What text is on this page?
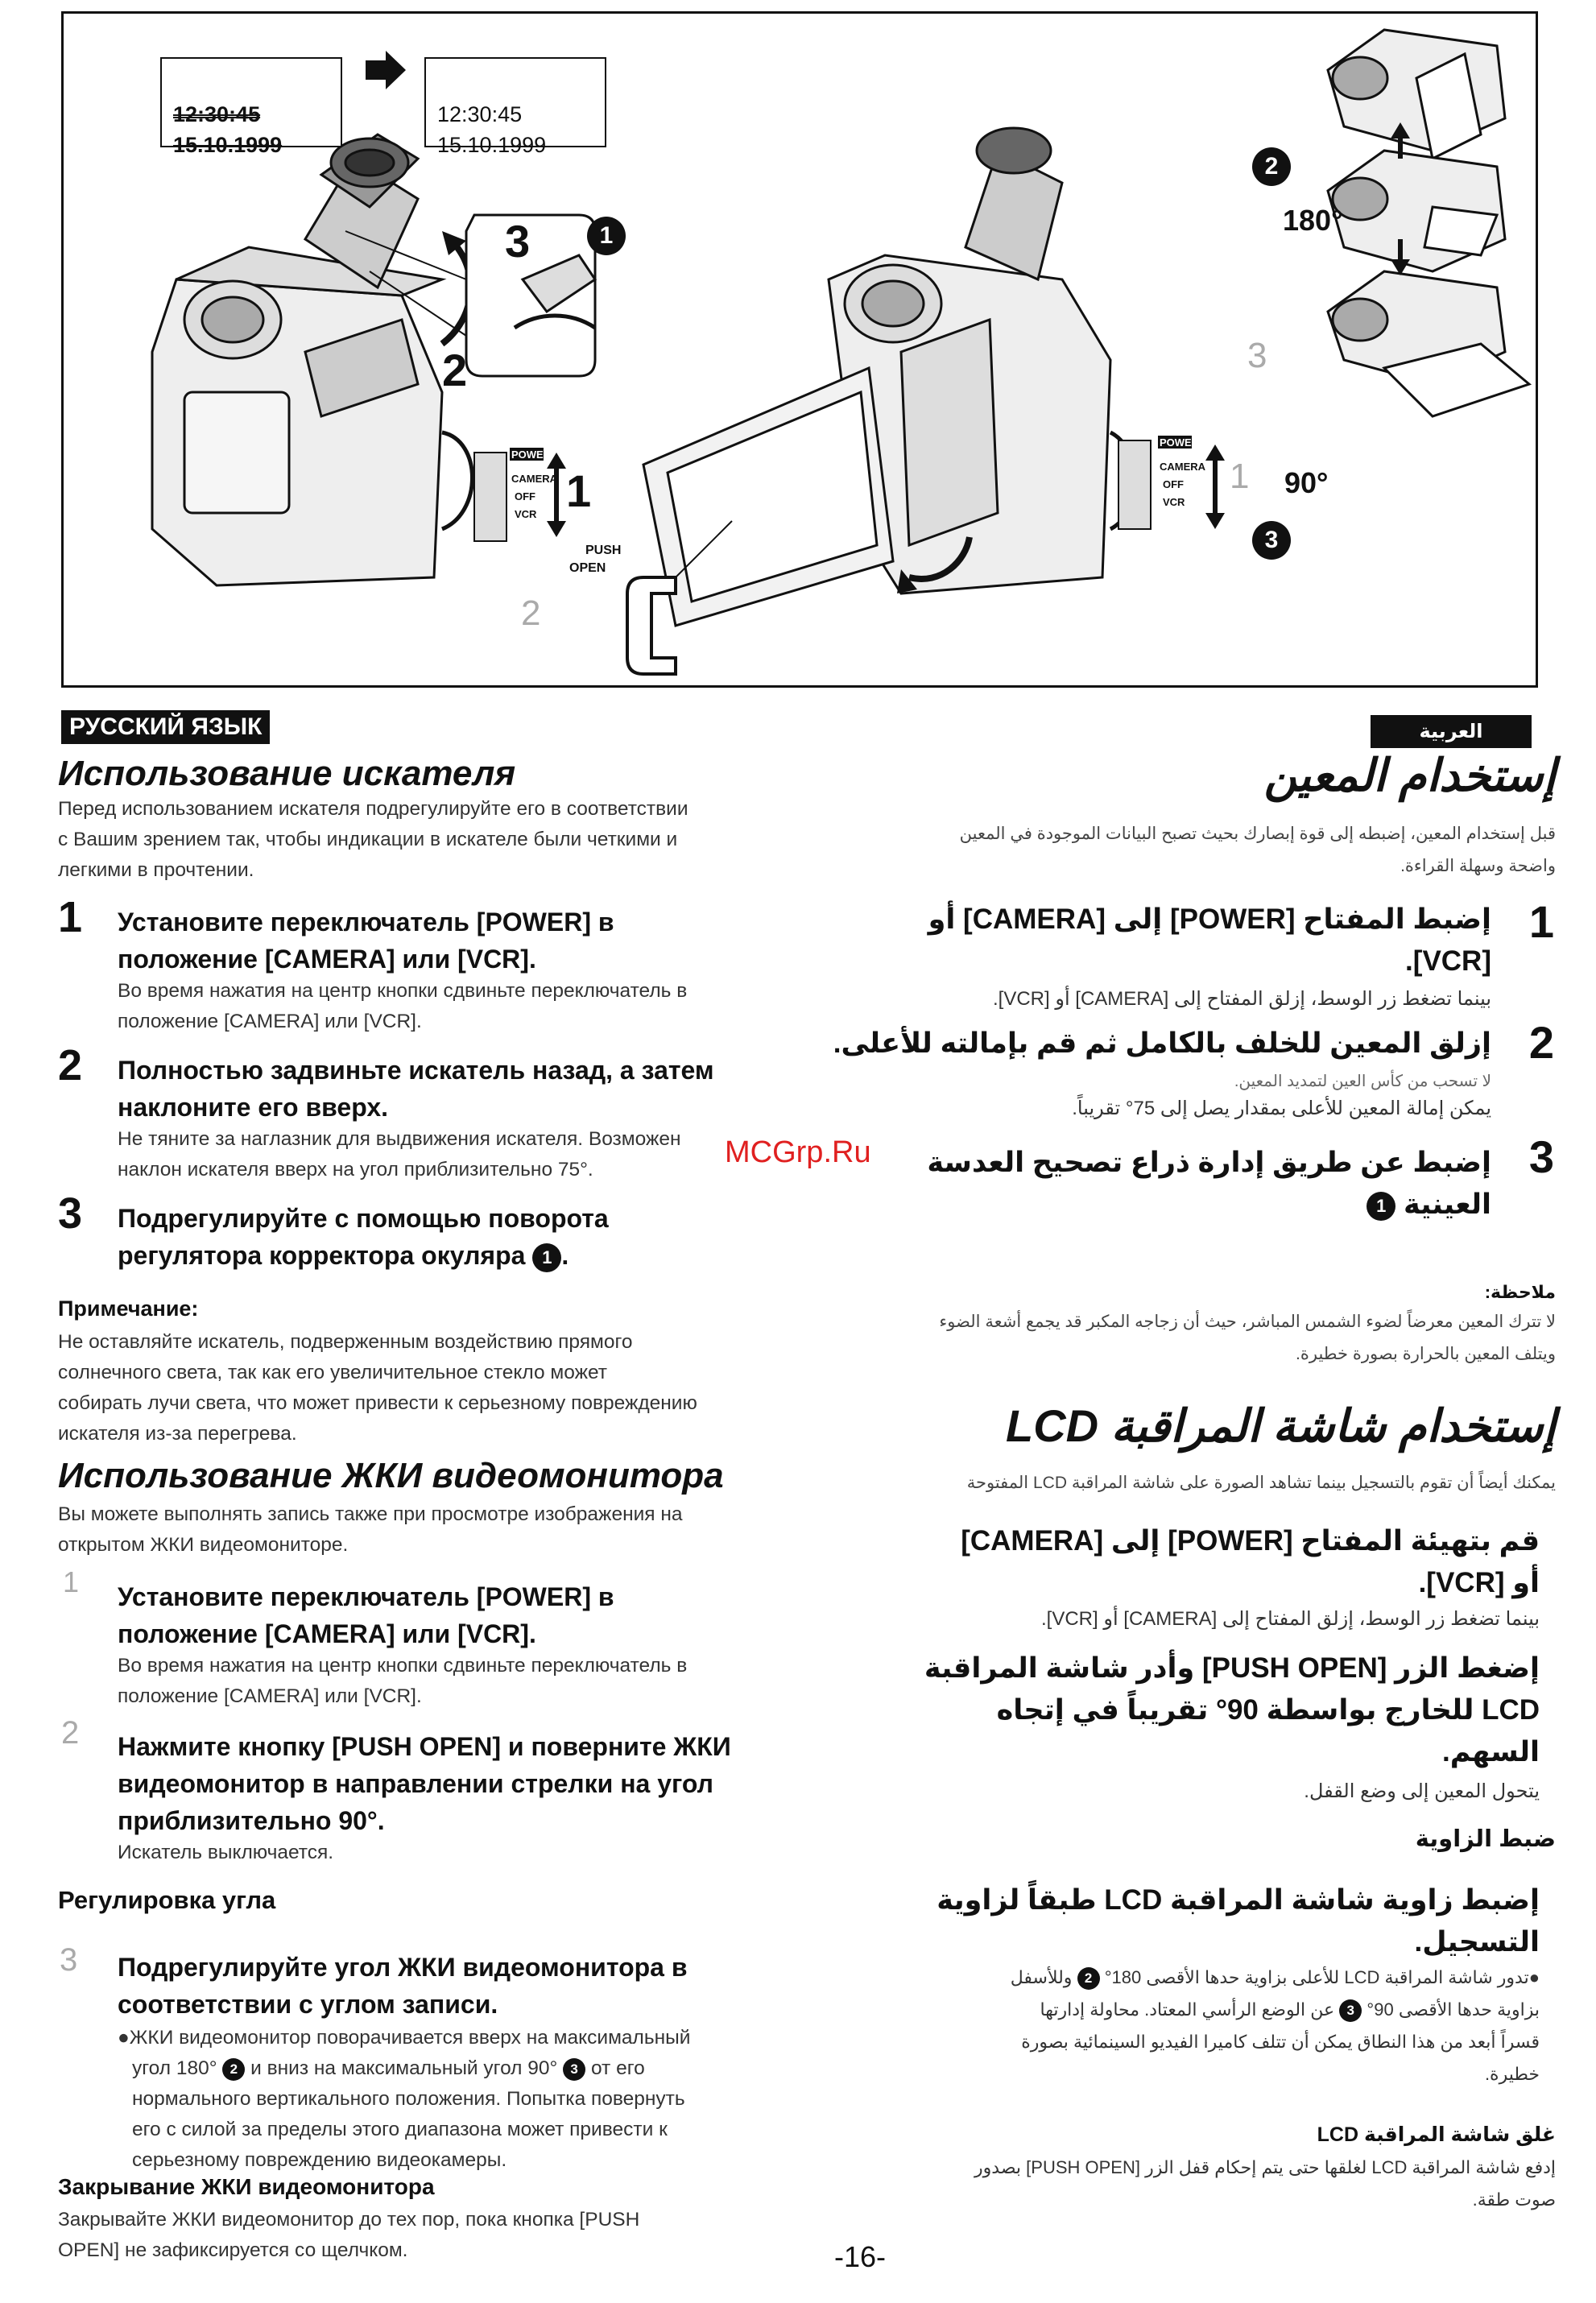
12:30:45
15.10.1999
12:30:45
15.10.1999
3	1
2
1
2
1
3
2
180°
90°
3
POWER
CAMERA
OFF
VCR
POWER
CAMERA
OFF
VCR
PUSH
OPEN
РУССКИЙ ЯЗЫК
Использование искателя
Перед использованием искателя подрегулируйте его в соответствии
с Вашим зрением так, чтобы индикации в искателе были четкими и
легкими в прочтении.
1 Установите переключатель [POWER] в
положение [CAMERA] или [VCR].
Во время нажатия на центр кнопки сдвиньте переключатель в
положение [CAMERA] или [VCR].
2 Полностью задвиньте искатель назад, а затем
наклоните его вверх.
Не тяните за наглазник для выдвижения искателя. Возможен
наклон искателя вверх на угол приблизительно 75°.
3 Подрегулируйте с помощью поворота
регулятора корректора окуляра 1 .
Примечание:
Не оставляйте искатель, подверженным воздействию прямого
солнечного света, так как его увеличительное стекло может
собирать лучи света, что может привести к серьезному повреждению
искателя из-за перегрева.
Использование ЖКИ видеомонитора
Вы можете выполнять запись также при просмотре изображения на
открытом ЖКИ видеомониторе.
1 Установите переключатель [POWER] в
положение [CAMERA] или [VCR].
Во время нажатия на центр кнопки сдвиньте переключатель в
положение [CAMERA] или [VCR].
2 Нажмите кнопку [PUSH OPEN] и поверните ЖКИ
видеомонитор в направлении стрелки на угол
приблизительно 90°.
Искатель выключается.
Регулировка угла
3 Подрегулируйте угол ЖКИ видеомонитора в
соответствии с углом записи.
●ЖКИ видеомонитор поворачивается вверх на максимальный
угол 180° 2 и вниз на максимальный угол 90° 3 от его
нормального вертикального положения. Попытка повернуть
его с силой за пределы этого диапазона может привести к
серьезному повреждению видеокамеры.
Закрывание ЖКИ видеомонитора
Закрывайте ЖКИ видеомонитор до тех пор, пока кнопка [PUSH
OPEN] не зафиксируется со щелчком.
العربية
إستخدام المعين
قبل إستخدام المعين، إضبطه إلى قوة إبصارك بحيث تصبح البيانات الموجودة في المعين
واضحة وسهلة القراءة.
1
إضبط المفتاح [POWER] إلى [CAMERA] أو
[VCR].
بينما تضغط زر الوسط، إزلق المفتاح إلى [CAMERA] أو [VCR].
2
إزلق المعين للخلف بالكامل ثم قم بإمالته للأعلى.
لا تسحب من كأس العين لتمديد المعين.
يمكن إمالة المعين للأعلى بمقدار يصل إلى 75° تقريباً.
3
إضبط عن طريق إدارة ذراع تصحيح العدسة
العينية 1
ملاحظة:
لا تترك المعين معرضاً لضوء الشمس المباشر، حيث أن زجاجه المكبر قد يجمع أشعة الضوء
ويتلف المعين بالحرارة بصورة خطيرة.
إستخدام شاشة المراقبة LCD
يمكنك أيضاً أن تقوم بالتسجيل بينما تشاهد الصورة على شاشة المراقبة LCD المفتوحة
قم بتهيئة المفتاح [POWER] إلى [CAMERA]
أو [VCR].
بينما تضغط زر الوسط، إزلق المفتاح إلى [CAMERA] أو [VCR].
إضغط الزر [PUSH OPEN] وأدر شاشة المراقبة
LCD للخارج بواسطة 90° تقريباً في إتجاه
السهم.
يتحول المعين إلى وضع القفل.
ضبط الزاوية
إضبط زاوية شاشة المراقبة LCD طبقاً لزاوية
التسجيل.
●تدور شاشة المراقبة LCD للأعلى بزاوية حدها الأقصى 180° 2 وللأسفل
بزاوية حدها الأقصى 90° 3 عن الوضع الرأسي المعتاد. محاولة إدارتها
قسراً أبعد من هذا النطاق يمكن أن تتلف كاميرا الفيديو السينمائية بصورة
خطيرة.
غلق شاشة المراقبة LCD
إدفع شاشة المراقبة LCD لغلقها حتى يتم إحكام قفل الزر [PUSH OPEN] بصدور
صوت طقة.
MCGrp.Ru
-16-
